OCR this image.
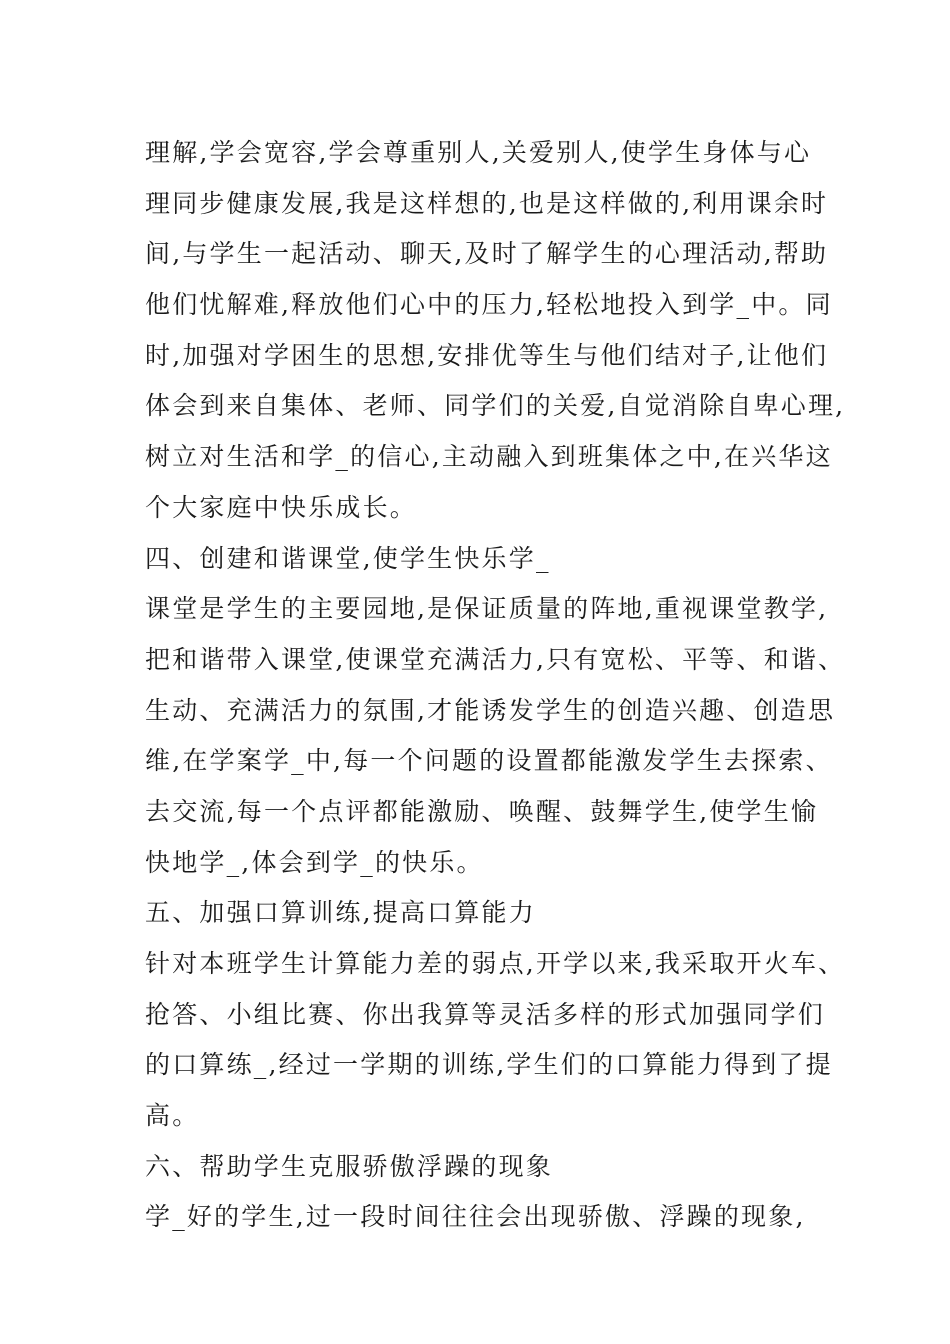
理解,学会宽容,学会尊重别人,关爱别人,使学生身体与心
理同步健康发展,我是这样想的,也是这样做的,利用课余时
间,与学生一起活动、聊天,及时了解学生的心理活动,帮助
他们忧解难,释放他们心中的压力,轻松地投入到学_中。同
时,加强对学困生的思想,安排优等生与他们结对子,让他们
体会到来自集体、老师、同学们的关爱,自觉消除自卑心理,
树立对生活和学_的信心,主动融入到班集体之中,在兴华这
个大家庭中快乐成长。
四、创建和谐课堂,使学生快乐学_
课堂是学生的主要园地,是保证质量的阵地,重视课堂教学,
把和谐带入课堂,使课堂充满活力,只有宽松、平等、和谐、
生动、充满活力的氛围,才能诱发学生的创造兴趣、创造思
维,在学案学_中,每一个问题的设置都能激发学生去探索、
去交流,每一个点评都能激励、唤醒、鼓舞学生,使学生愉
快地学_,体会到学_的快乐。
五、加强口算训练,提高口算能力
针对本班学生计算能力差的弱点,开学以来,我采取开火车、
抢答、小组比赛、你出我算等灵活多样的形式加强同学们
的口算练_,经过一学期的训练,学生们的口算能力得到了提
高。
六、帮助学生克服骄傲浮躁的现象
学_好的学生,过一段时间往往会出现骄傲、浮躁的现象,
